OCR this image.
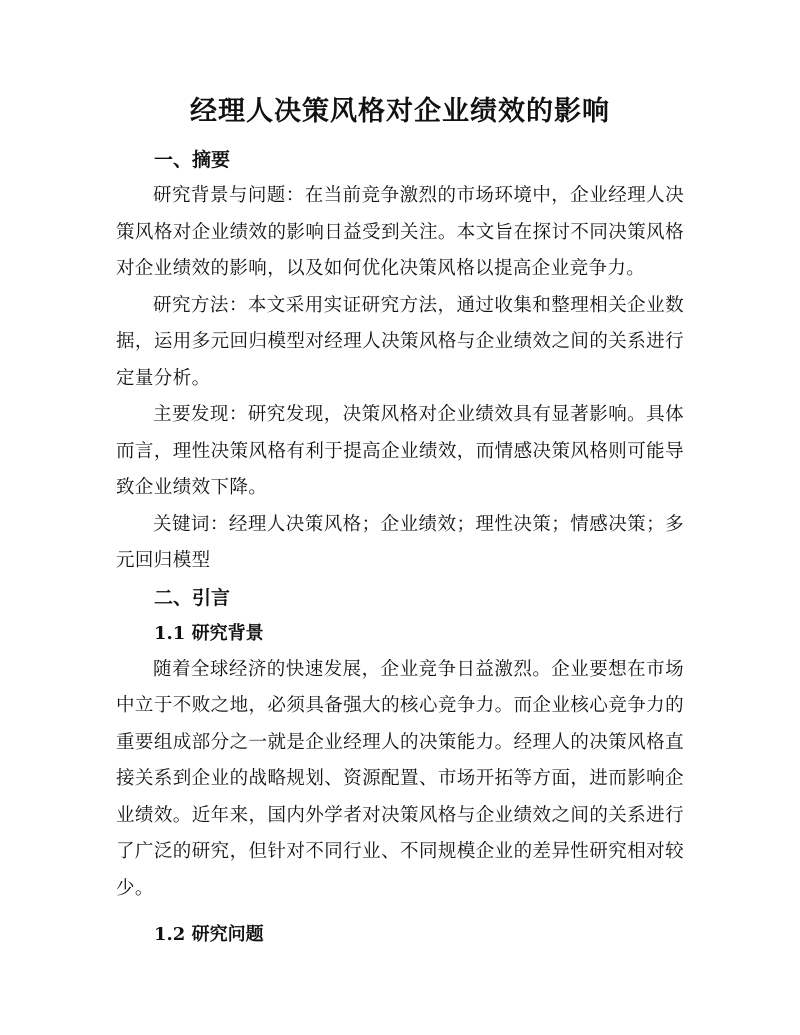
经理人决策风格对企业绩效的影响
一、摘要

研究背景与问题：在当前竞争激烈的市场环境中，企业经理人决策风格对企业绩效的影响日益受到关注。本文旨在探讨不同决策风格对企业绩效的影响，以及如何优化决策风格以提高企业竞争力。

研究方法：本文采用实证研究方法，通过收集和整理相关企业数据，运用多元回归模型对经理人决策风格与企业绩效之间的关系进行定量分析。

主要发现：研究发现，决策风格对企业绩效具有显著影响。具体而言，理性决策风格有利于提高企业绩效，而情感决策风格则可能导致企业绩效下降。

关键词：经理人决策风格；企业绩效；理性决策；情感决策；多元回归模型

二、引言
1.1 研究背景

随着全球经济的快速发展，企业竞争日益激烈。企业要想在市场中立于不败之地，必须具备强大的核心竞争力。而企业核心竞争力的重要组成部分之一就是企业经理人的决策能力。经理人的决策风格直接关系到企业的战略规划、资源配置、市场开拓等方面，进而影响企业绩效。近年来，国内外学者对决策风格与企业绩效之间的关系进行了广泛的研究，但针对不同行业、不同规模企业的差异性研究相对较少。

1.2 研究问题
